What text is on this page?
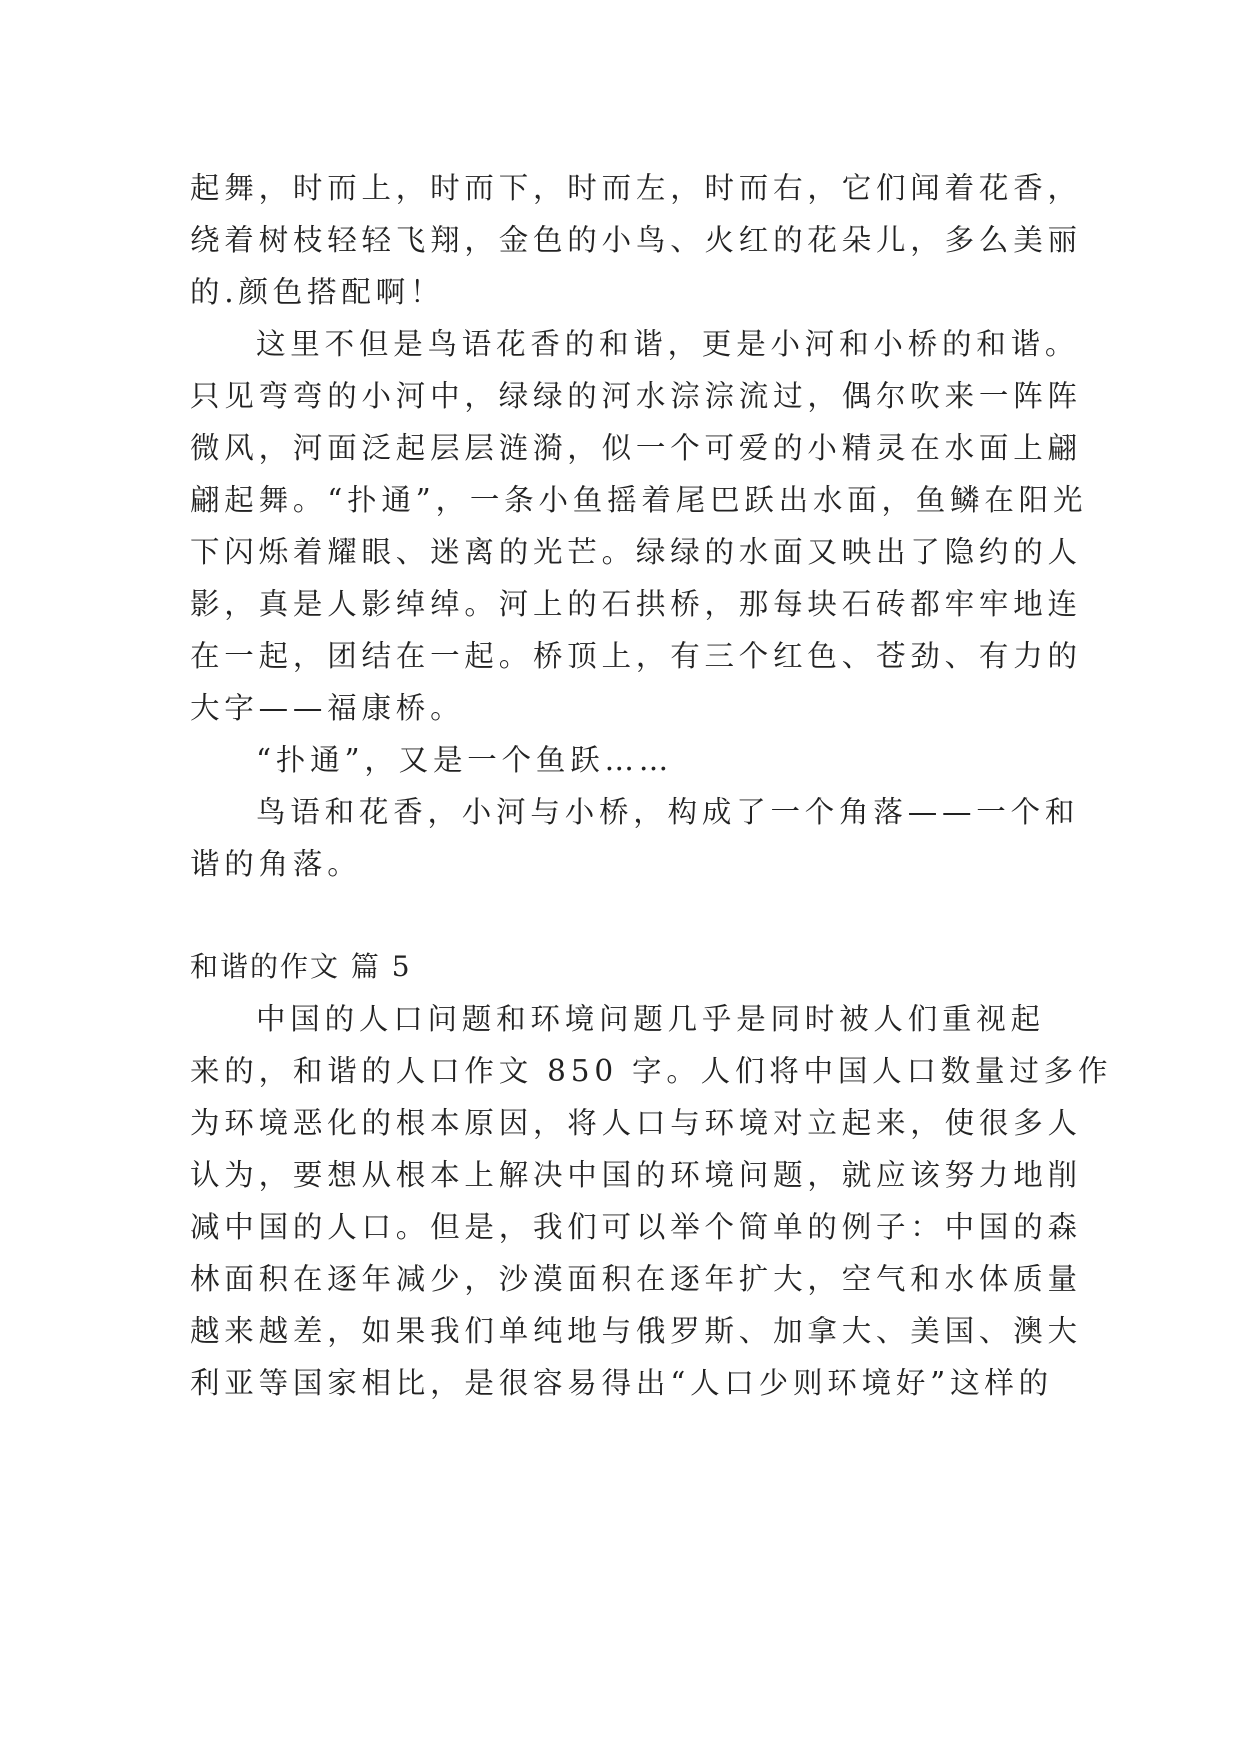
起舞，时而上，时而下，时而左，时而右，它们闻着花香，
绕着树枝轻轻飞翔，金色的小鸟、火红的花朵儿，多么美丽
的.颜色搭配啊！
这里不但是鸟语花香的和谐，更是小河和小桥的和谐。
只见弯弯的小河中，绿绿的河水淙淙流过，偶尔吹来一阵阵
微风，河面泛起层层涟漪，似一个可爱的小精灵在水面上翩
翩起舞。“扑通”，一条小鱼摇着尾巴跃出水面，鱼鳞在阳光
下闪烁着耀眼、迷离的光芒。绿绿的水面又映出了隐约的人
影，真是人影绰绰。河上的石拱桥，那每块石砖都牢牢地连
在一起，团结在一起。桥顶上，有三个红色、苍劲、有力的
大字——福康桥。
“扑通”，又是一个鱼跃……
鸟语和花香，小河与小桥，构成了一个角落——一个和
谐的角落。
和谐的作文 篇 5
中国的人口问题和环境问题几乎是同时被人们重视起
来的，和谐的人口作文 850 字。人们将中国人口数量过多作
为环境恶化的根本原因，将人口与环境对立起来，使很多人
认为，要想从根本上解决中国的环境问题，就应该努力地削
减中国的人口。但是，我们可以举个简单的例子：中国的森
林面积在逐年减少，沙漠面积在逐年扩大，空气和水体质量
越来越差，如果我们单纯地与俄罗斯、加拿大、美国、澳大
利亚等国家相比，是很容易得出“人口少则环境好”这样的
